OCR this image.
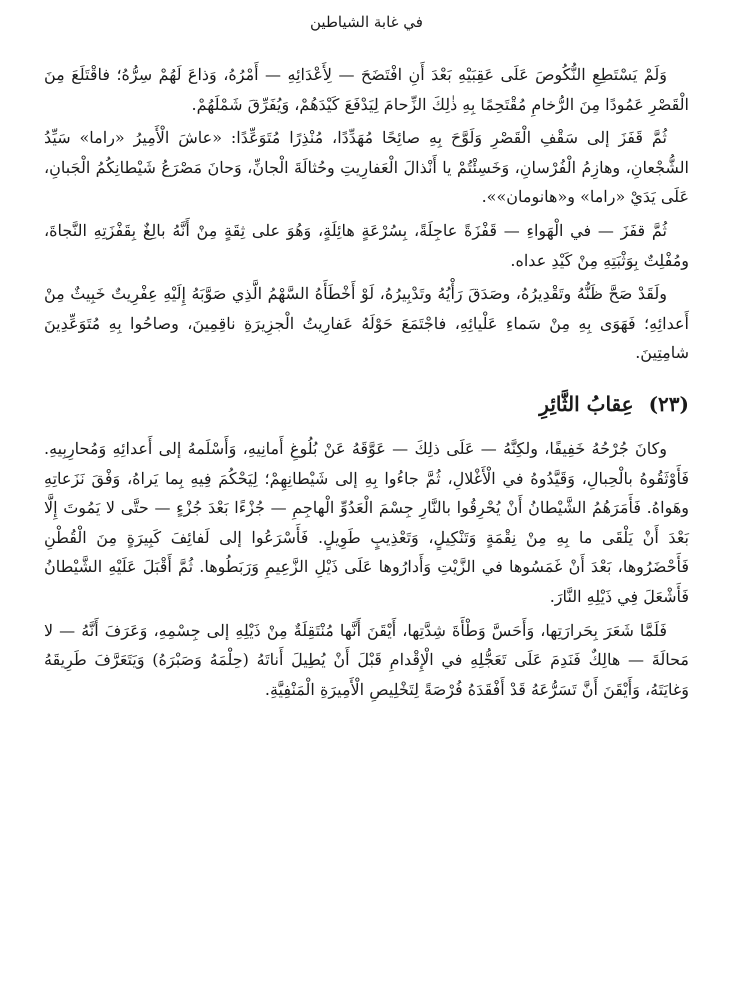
في غابة الشياطين

وَلَمْ يَسْتَطِعِ النُّكُوصَ عَلَى عَقِبَيْهِ بَعْدَ أَنِ افْتَضَحَ — لِأَعْدَائِهِ — أَمْرُهُ، وَذاعَ لَهُمْ سِرُّهُ؛ فاقْتَلَعَ مِنَ الْقَصْرِ عَمُودًا مِنَ الرُّخامِ مُقْتَحِمًا بِهِ ذٰلِكَ الزِّحامَ لِيَدْفَعَ كَيْدَهُمْ، وَيُفَرِّقَ شَمْلَهُمْ.

ثُمَّ قَفَزَ إلى سَقْفِ الْقَصْرِ وَلَوَّحَ بِهِ صائِحًا مُهَدِّدًا، مُنْذِرًا مُتَوَعِّدًا: «عاشَ الْأَمِيرُ «راما» سَيِّدُ الشُّجْعانِ، وهازِمُ الْفُرْسانِ، وَخَسِئْتُمْ يا أَنْذالَ الْعَفارِيتِ وحُثالَةَ الْجانِّ، وَحانَ مَصْرَعُ شَيْطانِكُمُ الْجَبانِ، عَلَى يَدَيْ «راما» و«هانومان»».

ثُمَّ قفَزَ — في الْهَواءِ — قَفْزَةً عاجِلَةً، بِسُرْعَةٍ هائِلَةٍ، وَهُوَ على ثِقَةٍ مِنْ أَنَّهُ بالِغٌ بِقَفْزَتِهِ النَّجاةَ، ومُفْلِتٌ بِوَثْبَتِهِ مِنْ كَيْدِ عداه.

ولَقَدْ صَحَّ ظَنُّهُ وتَقْدِيرُهُ، وصَدَقَ رَأْيُهُ وتَدْبِيرُهُ، لَوْ أَخْطَأَهُ السَّهْمُ الَّذِي صَوَّبَهُ إِلَيْهِ عِفْرِيتٌ خَبِيثٌ مِنْ أَعدائِهِ؛ فَهَوَى بِهِ مِنْ سَماءِ عَلْيائِهِ، فاجْتَمَعَ حَوْلَهُ عَفارِيتُ الْجزِيرَةِ ناقِمِينَ، وصاحُوا بِهِ مُتَوَعِّدِينَ شامِتِينَ.

(٢٣) عِقابُ الثَّائِرِ

وكانَ جُرْحُهُ خَفِيفًا، ولكِنَّهُ — عَلَى ذلِكَ — عَوَّقَهُ عَنْ بُلُوغِ أَمانِيهِ، وَأَسْلَمهُ إلى أَعدائِهِ وَمُحارِبِيهِ. فَأَوْثَقُوهُ بالْحِبالِ، وَقَيَّدُوهُ في الْأَغْلالِ، ثُمَّ جاءُوا بِهِ إلى شَيْطانِهِمْ؛ لِيَحْكُمَ فِيهِ بِما يَراهُ، وَفْقَ نَزَعاتِهِ وهَواهُ. فَأَمَرَهُمُ الشَّيْطانُ أَنْ يُحْرِقُوا بالنَّارِ جِسْمَ الْعَدُوِّ الْهاجِمِ — جُزْءًا بَعْدَ جُزْءٍ — حتَّى لا يَمُوتَ إِلَّا بَعْدَ أَنْ يَلْقَى ما بِهِ مِنْ نِقْمَةٍ وَتَنْكِيلٍ، وَتَعْذِيبٍ طَوِيلٍ. فَأَسْرَعُوا إلى لَفائِفَ كَبِيرَةٍ مِنَ الْقُطْنِ فَأَحْضَرُوها، بَعْدَ أَنْ غَمَسُوها في الزَّيْتِ وَأَدارُوها عَلَى ذَيْلِ الزَّعِيمِ وَرَبَطُوها. ثُمَّ أَقْبَلَ عَلَيْهِ الشَّيْطانُ فَأَشْعَلَ فِي ذَيْلِهِ النَّارَ.

فَلَمَّا شَعَرَ بِحَرارَتِها، وَأَحَسَّ وَطْأَةَ شِدَّتِها، أَيْقَنَ أَنَّها مُنْتَقِلَةٌ مِنْ ذَيْلِهِ إلى جِسْمِهِ، وَعَرَفَ أَنَّهُ — لا مَحالَةَ — هالِكٌ فَنَدِمَ عَلَى تَعَجُّلِهِ في الْإِقْدامِ قَبْلَ أَنْ يُطِيلَ أَناتَهُ (حِلْمَهُ وَصَبْرَهُ) وَيَتَعَرَّفَ طَرِيقَهُ وَغايَتَهُ، وَأَيْقَنَ أَنَّ تَسَرُّعَهُ قَدْ أَفْقَدَهُ فُرْصَةً لِتَخْلِيصِ الْأَمِيرَةِ الْمَنْفِيَّةِ.
